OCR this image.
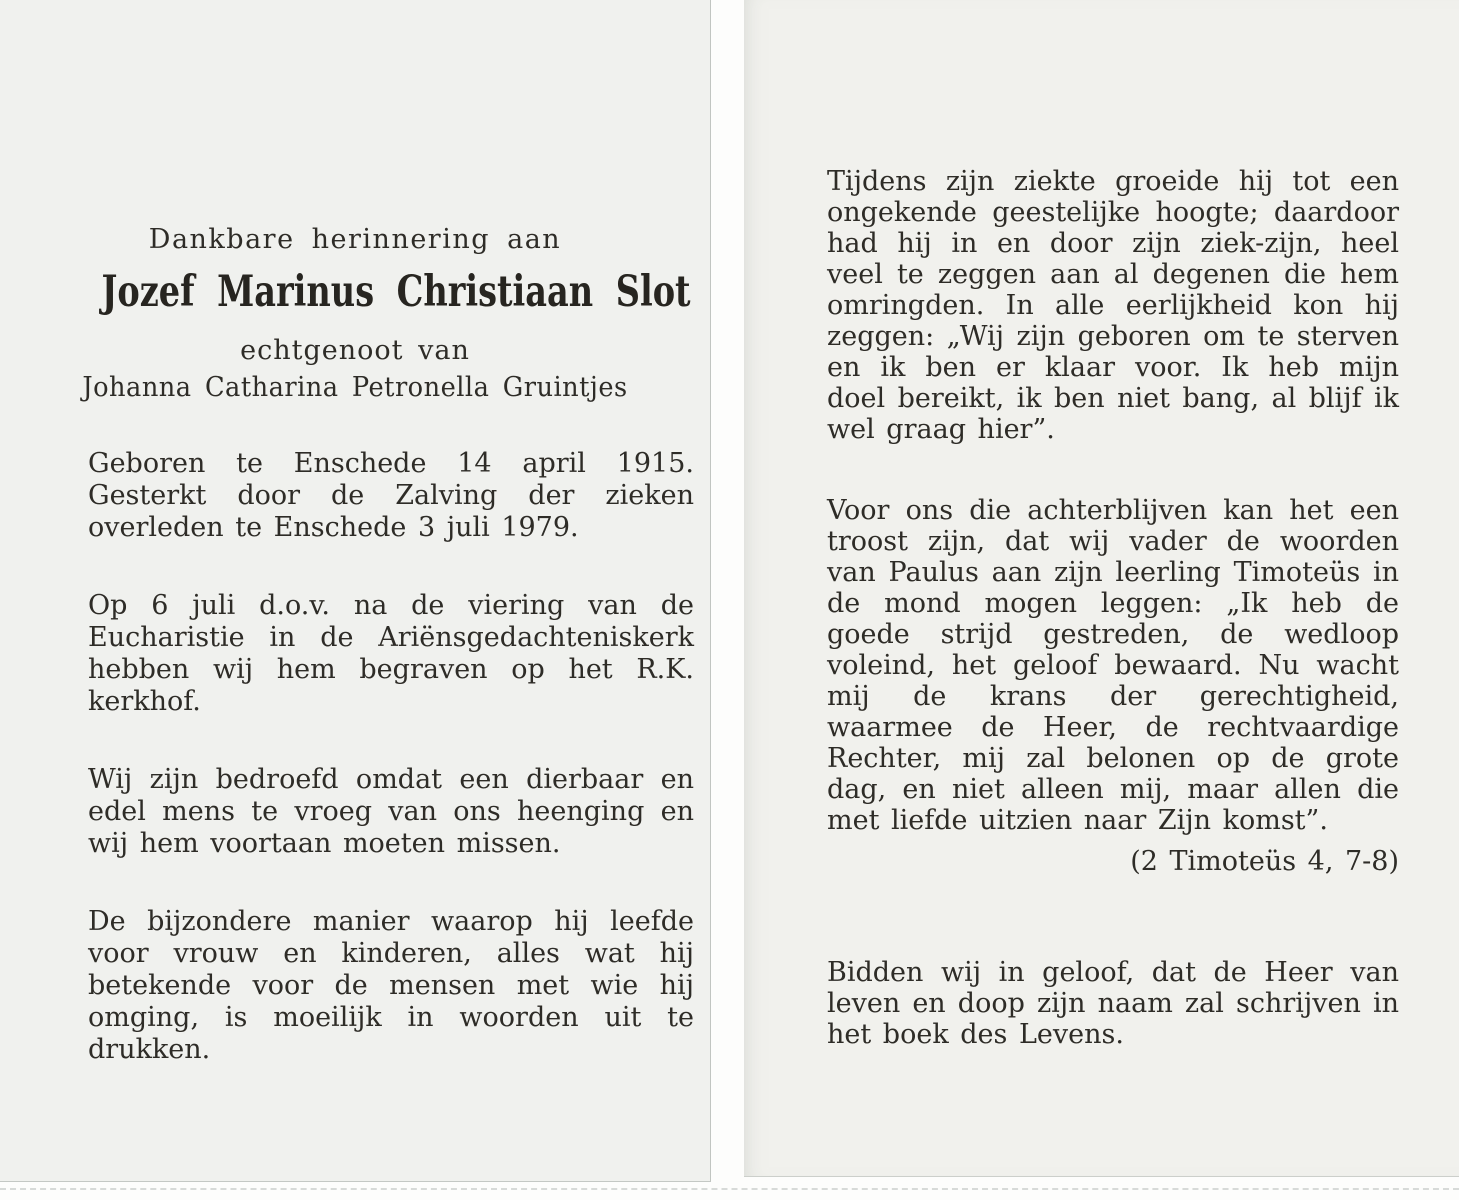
Dankbare herinnering aan

Jozef Marinus Christiaan Slot

echtgenoot van

Johanna Catharina Petronella Gruintjes

Geboren te Enschede 14 april 1915. Gesterkt door de Zalving der zieken overleden te Enschede 3 juli 1979.

Op 6 juli d.o.v. na de viering van de Eucharistie in de Ariënsgedachteniskerk hebben wij hem begraven op het R.K. kerkhof.

Wij zijn bedroefd omdat een dierbaar en edel mens te vroeg van ons heenging en wij hem voortaan moeten missen.

De bijzondere manier waarop hij leefde voor vrouw en kinderen, alles wat hij betekende voor de mensen met wie hij omging, is moeilijk in woorden uit te drukken.

Tijdens zijn ziekte groeide hij tot een ongekende geestelijke hoogte; daardoor had hij in en door zijn ziek-zijn, heel veel te zeggen aan al degenen die hem omringden. In alle eerlijkheid kon hij zeggen: „Wij zijn geboren om te sterven en ik ben er klaar voor. Ik heb mijn doel bereikt, ik ben niet bang, al blijf ik wel graag hier”.

Voor ons die achterblijven kan het een troost zijn, dat wij vader de woorden van Paulus aan zijn leerling Timoteüs in de mond mogen leggen: „Ik heb de goede strijd gestreden, de wedloop voleind, het geloof bewaard. Nu wacht mij de krans der gerechtigheid, waarmee de Heer, de rechtvaardige Rechter, mij zal belonen op de grote dag, en niet alleen mij, maar allen die met liefde uitzien naar Zijn komst”.

(2 Timoteüs 4, 7-8)

Bidden wij in geloof, dat de Heer van leven en doop zijn naam zal schrijven in het boek des Levens.
